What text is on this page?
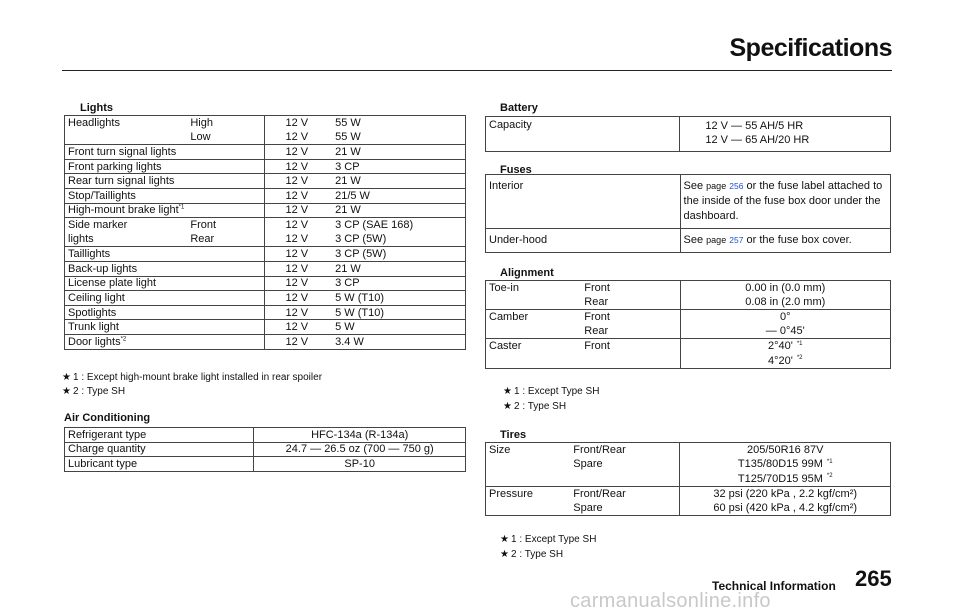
Specifications
Lights
Headlights	High	12 V	55 W
	Low	12 V	55 W
Front turn signal lights		12 V	21 W
Front parking lights		12 V	3 CP
Rear turn signal lights		12 V	21 W
Stop/Taillights		12 V	21/5 W
High-mount brake light$^{*1}$		12 V	21 W
Side marker	Front	12 V	3 CP (SAE 168)
lights	Rear	12 V	3 CP (5W)
Taillights		12 V	3 CP (5W)
Back-up lights		12 V	21 W
License plate light		12 V	3 CP
Ceiling light		12 V	5 W (T10)
Spotlights		12 V	5 W (T10)
Trunk light		12 V	5 W
Door lights$^{*2}$		12 V	3.4 W
★ 1 : Except high-mount brake light installed in rear spoiler
★ 2 : Type SH
Air Conditioning
Refrigerant type	HFC-134a (R-134a)
Charge quantity	24.7 — 26.5 oz (700 — 750 g)
Lubricant type	SP-10
Battery
Capacity	12 V — 55 AH/5 HR
12 V — 65 AH/20 HR
Fuses
Interior	See page 256 or the fuse label attached to the inside of the fuse box door under the dashboard.
Under-hood	See page 257 or the fuse box cover.
Alignment
Toe-in	Front	0.00 in (0.0 mm)
	Rear	0.08 in (2.0 mm)
Camber	Front	0°
	Rear	— 0°45'
Caster	Front	2°40' $^{*1}$
		4°20' $^{*2}$
★ 1 : Except Type SH
★ 2 : Type SH
Tires
Size	Front/Rear	205/50R16 87V
	Spare	T135/80D15 99M $^{*1}$
		T125/70D15 95M $^{*2}$
Pressure	Front/Rear	32 psi (220 kPa , 2.2 kgf/cm²)
	Spare	60 psi (420 kPa , 4.2 kgf/cm²)
★ 1 : Except Type SH
★ 2 : Type SH
Technical Information 265
carmanualsonline.info
